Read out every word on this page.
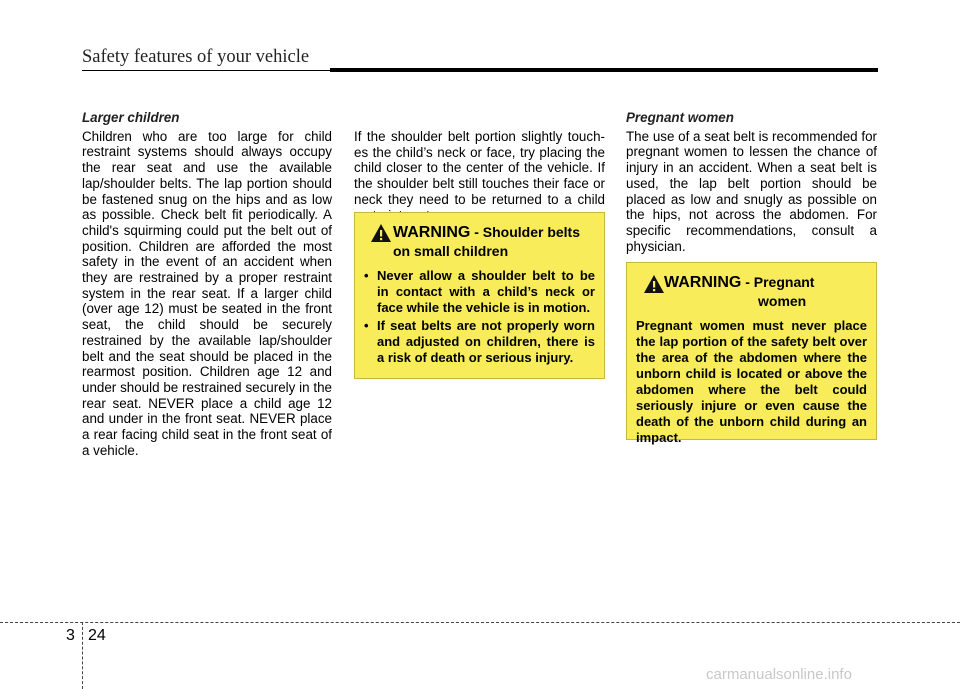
Safety features of your vehicle
Larger children
Children who are too large for child restraint systems should always occupy the rear seat and use the available lap/shoulder belts. The lap portion should be fastened snug on the hips and as low as possible. Check belt fit periodically. A child's squirming could put the belt out of position. Children are afforded the most safety in the event of an accident when they are restrained by a proper restraint system in the rear seat. If a larger child (over age 12) must be seated in the front seat, the child should be securely restrained by the available lap/shoulder belt and the seat should be placed in the rearmost position. Children age 12 and under should be restrained securely in the rear seat. NEVER place a child age 12 and under in the front seat. NEVER place a rear facing child seat in the front seat of a vehicle.
If the shoulder belt portion slightly touch-es the child’s neck or face, try placing the child closer to the center of the vehicle. If the shoulder belt still touches their face or neck they need to be returned to a child
WARNING - Shoulder belts
on small children
• Never allow a shoulder belt to be in contact with a child’s neck or face while the vehicle is in motion.
• If seat belts are not properly worn and adjusted on children, there is a risk of death or serious injury.
Pregnant women
The use of a seat belt is recommended for pregnant women to lessen the chance of injury in an accident. When a seat belt is used, the lap belt portion should be placed as low and snugly as possible on the hips, not across the abdomen. For specific recommendations, consult a physician.
WARNING - Pregnant
women
Pregnant women must never place the lap portion of the safety belt over the area of the abdomen where the unborn child is located or above the abdomen where the belt could seriously injure or even cause the death of the unborn child during an impact.
3 24
carmanualsonline.info
